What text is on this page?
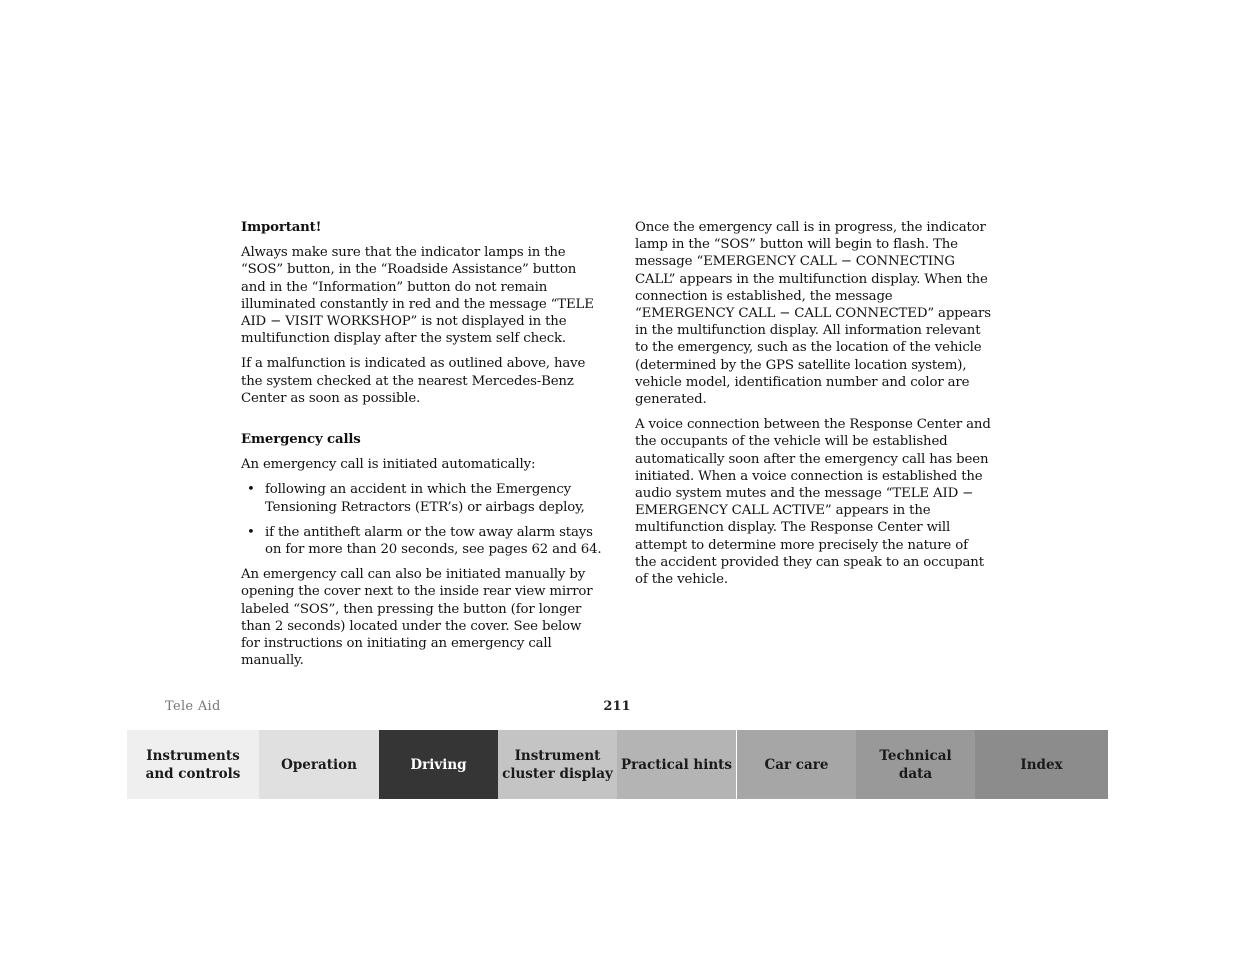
Important!

Always make sure that the indicator lamps in the “SOS” button, in the “Roadside Assistance” button and in the “Information” button do not remain illuminated constantly in red and the message “TELE AID − VISIT WORKSHOP” is not displayed in the multifunction display after the system self check.

If a malfunction is indicated as outlined above, have the system checked at the nearest Mercedes-Benz Center as soon as possible.

Emergency calls

An emergency call is initiated automatically:

• following an accident in which the Emergency Tensioning Retractors (ETR’s) or airbags deploy,
• if the antitheft alarm or the tow away alarm stays on for more than 20 seconds, see pages 62 and 64.

An emergency call can also be initiated manually by opening the cover next to the inside rear view mirror labeled “SOS”, then pressing the button (for longer than 2 seconds) located under the cover. See below for instructions on initiating an emergency call manually.

Once the emergency call is in progress, the indicator lamp in the “SOS” button will begin to flash. The message “EMERGENCY CALL − CONNECTING CALL” appears in the multifunction display. When the connection is established, the message “EMERGENCY CALL − CALL CONNECTED” appears in the multifunction display. All information relevant to the emergency, such as the location of the vehicle (determined by the GPS satellite location system), vehicle model, identification number and color are generated.

A voice connection between the Response Center and the occupants of the vehicle will be established automatically soon after the emergency call has been initiated. When a voice connection is established the audio system mutes and the message “TELE AID − EMERGENCY CALL ACTIVE” appears in the multifunction display. The Response Center will attempt to determine more precisely the nature of the accident provided they can speak to an occupant of the vehicle.

Tele Aid	211
Instruments
and controls
Operation	Driving
Instrument
cluster display
Practical hints Car care
Technical
data
Index
